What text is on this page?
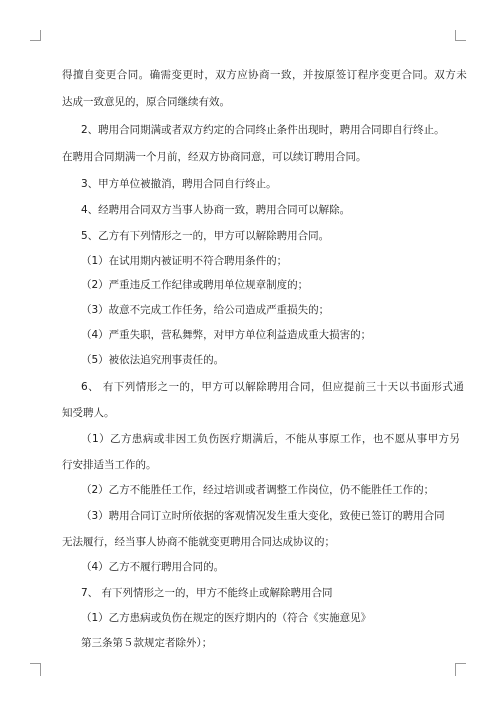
得擅自变更合同。确需变更时，双方应协商一致，并按原签订程序变更合同。双方未
达成一致意见的，原合同继续有效。
2、聘用合同期满或者双方约定的合同终止条件出现时，聘用合同即自行终止。
在聘用合同期满一个月前，经双方协商同意，可以续订聘用合同。
3、甲方单位被撤消，聘用合同自行终止。
4、经聘用合同双方当事人协商一致，聘用合同可以解除。
5、乙方有下列情形之一的，甲方可以解除聘用合同。
（1）在试用期内被证明不符合聘用条件的；
（2）严重违反工作纪律或聘用单位规章制度的；
（3）故意不完成工作任务，给公司造成严重损失的；
（4）严重失职，营私舞弊，对甲方单位利益造成重大损害的；
（5）被依法追究刑事责任的。
6、 有下列情形之一的，甲方可以解除聘用合同，但应提前三十天以书面形式通
知受聘人。
（1）乙方患病或非因工负伤医疗期满后，不能从事原工作，也不愿从事甲方另
行安排适当工作的。
（2）乙方不能胜任工作，经过培训或者调整工作岗位，仍不能胜任工作的；
（3）聘用合同订立时所依据的客观情况发生重大变化，致使已签订的聘用合同
无法履行，经当事人协商不能就变更聘用合同达成协议的；
（4）乙方不履行聘用合同的。
7、 有下列情形之一的，甲方不能终止或解除聘用合同
（1）乙方患病或负伤在规定的医疗期内的（符合《实施意见》
第三条第５款规定者除外）；
